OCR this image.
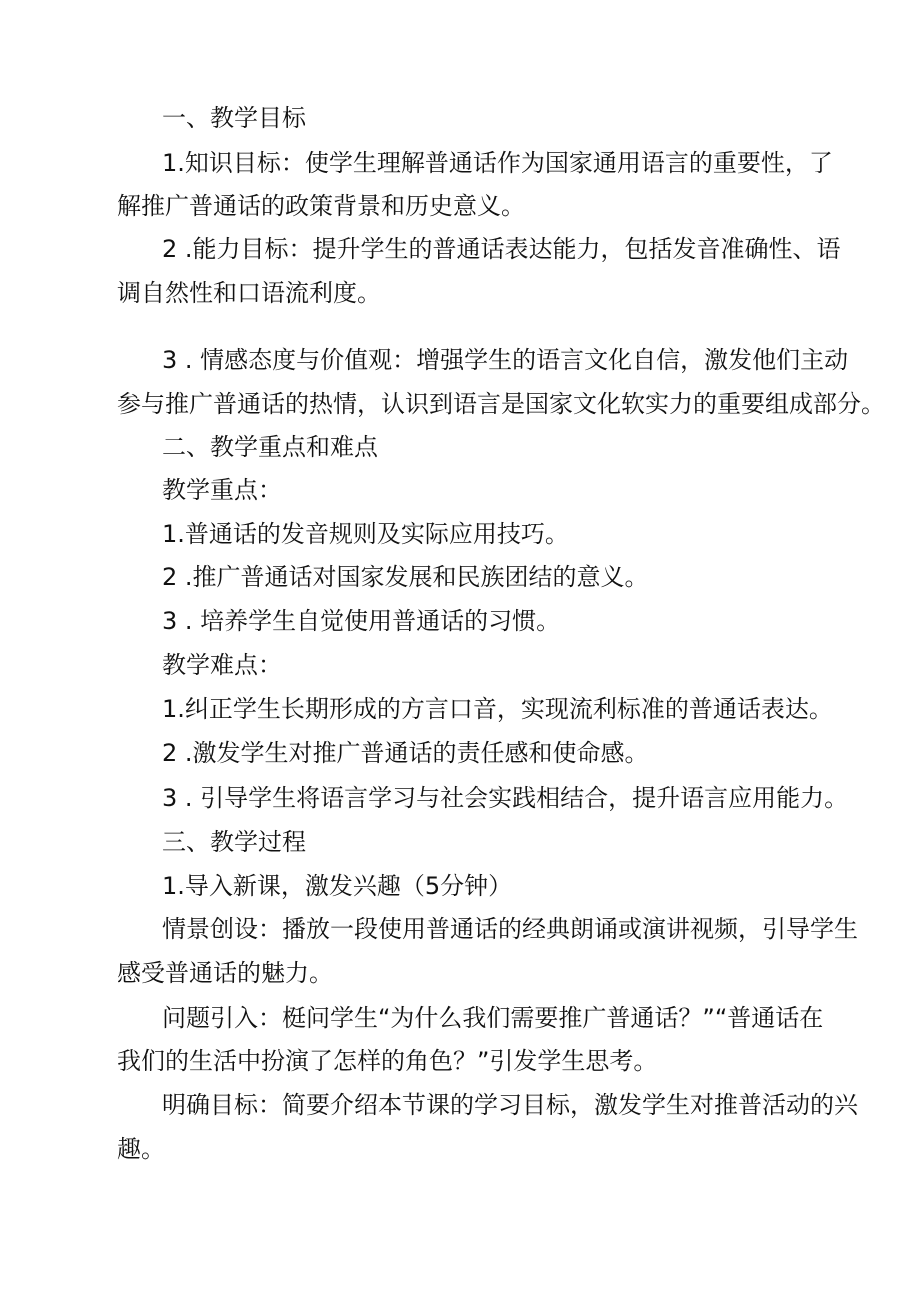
一、教学目标
1.知识目标：使学生理解普通话作为国家通用语言的重要性，了
解推广普通话的政策背景和历史意义。
2 .能力目标：提升学生的普通话表达能力，包括发音准确性、语
调自然性和口语流利度。
3 . 情感态度与价值观：增强学生的语言文化自信，激发他们主动
参与推广普通话的热情，认识到语言是国家文化软实力的重要组成部分。
二、教学重点和难点
教学重点：
1.普通话的发音规则及实际应用技巧。
2 .推广普通话对国家发展和民族团结的意义。
3 . 培养学生自觉使用普通话的习惯。
教学难点：
1.纠正学生长期形成的方言口音，实现流利标准的普通话表达。
2 .激发学生对推广普通话的责任感和使命感。
3 . 引导学生将语言学习与社会实践相结合，提升语言应用能力。
三、教学过程
1.导入新课，激发兴趣（5分钟）
情景创设：播放一段使用普通话的经典朗诵或演讲视频，引导学生
感受普通话的魅力。
问题引入：梃问学生“为什么我们需要推广普通话？”“普通话在
我们的生活中扮演了怎样的角色？”引发学生思考。
明确目标：简要介绍本节课的学习目标，激发学生对推普活动的兴
趣。
